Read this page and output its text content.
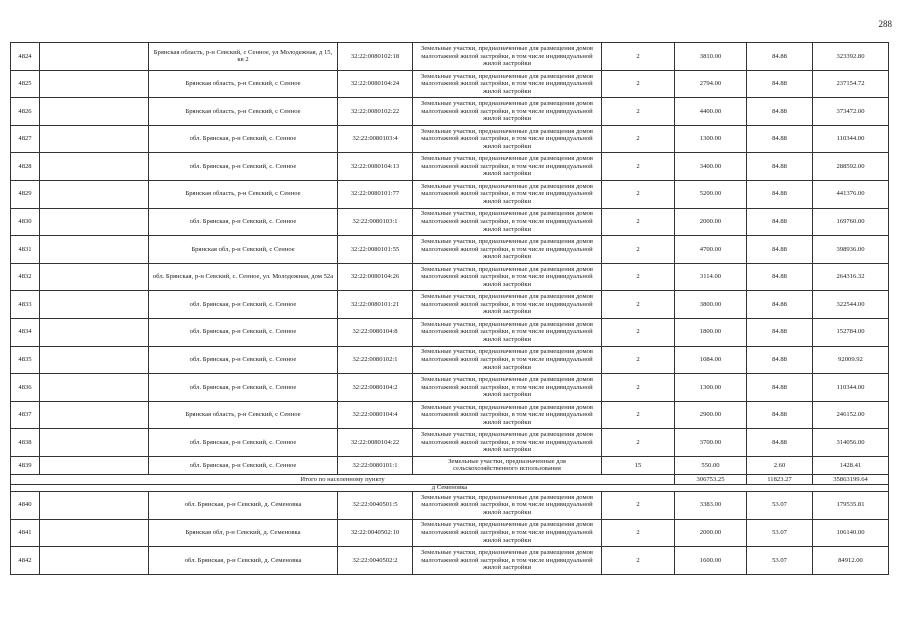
288
4824		Брянская область, р-н Севский, с Сенное, ул Молодежная, д 15, кв 2	32:22:0080102:18	Земельные участки, предназначенные для размещения домов малоэтажной жилой застройки, в том числе индивидуальной жилой застройки	2	3810.00	84.88	323392.80
4825		Брянская область, р-н Севский, с Сенное	32:22:0080104:24	Земельные участки, предназначенные для размещения домов малоэтажной жилой застройки, в том числе индивидуальной жилой застройки	2	2794.00	84.88	237154.72
4826		Брянская область, р-н Севский, с Сенное	32:22:0080102:22	Земельные участки, предназначенные для размещения домов малоэтажной жилой застройки, в том числе индивидуальной жилой застройки	2	4400.00	84.88	373472.00
4827		обл. Брянская, р-н Севский, с. Сенное	32:22:0080103:4	Земельные участки, предназначенные для размещения домов малоэтажной жилой застройки, в том числе индивидуальной жилой застройки	2	1300.00	84.88	110344.00
4828		обл. Брянская, р-н Севский, с. Сенное	32:22:0080104:13	Земельные участки, предназначенные для размещения домов малоэтажной жилой застройки, в том числе индивидуальной жилой застройки	2	3400.00	84.88	288592.00
4829		Брянская область, р-н Севский, с Сенное	32:22:0080101:77	Земельные участки, предназначенные для размещения домов малоэтажной жилой застройки, в том числе индивидуальной жилой застройки	2	5200.00	84.88	441376.00
4830		обл. Брянская, р-н Севский, с. Сенное	32:22:0080103:1	Земельные участки, предназначенные для размещения домов малоэтажной жилой застройки, в том числе индивидуальной жилой застройки	2	2000.00	84.88	169760.00
4831		Брянская обл, р-н Севский, с Сенное	32:22:0080101:55	Земельные участки, предназначенные для размещения домов малоэтажной жилой застройки, в том числе индивидуальной жилой застройки	2	4700.00	84.88	398936.00
4832		обл. Брянская, р-н Севский, с. Сенное, ул. Молодежная, дом 52а	32:22:0080104:26	Земельные участки, предназначенные для размещения домов малоэтажной жилой застройки, в том числе индивидуальной жилой застройки	2	3114.00	84.88	264316.32
4833		обл. Брянская, р-н Севский, с. Сенное	32:22:0080101:21	Земельные участки, предназначенные для размещения домов малоэтажной жилой застройки, в том числе индивидуальной жилой застройки	2	3800.00	84.88	322544.00
4834		обл. Брянская, р-н Севский, с. Сенное	32:22:0080104:8	Земельные участки, предназначенные для размещения домов малоэтажной жилой застройки, в том числе индивидуальной жилой застройки	2	1800.00	84.88	152784.00
4835		обл. Брянская, р-н Севский, с. Сенное	32:22:0080102:1	Земельные участки, предназначенные для размещения домов малоэтажной жилой застройки, в том числе индивидуальной жилой застройки	2	1084.00	84.88	92009.92
4836		обл. Брянская, р-н Севский, с. Сенное	32:22:0080104:2	Земельные участки, предназначенные для размещения домов малоэтажной жилой застройки, в том числе индивидуальной жилой застройки	2	1300.00	84.88	110344.00
4837		Брянская область, р-н Севский, с Сенное	32:22:0080104:4	Земельные участки, предназначенные для размещения домов малоэтажной жилой застройки, в том числе индивидуальной жилой застройки	2	2900.00	84.88	246152.00
4838		обл. Брянская, р-н Севский, с. Сенное	32:22:0080104:22	Земельные участки, предназначенные для размещения домов малоэтажной жилой застройки, в том числе индивидуальной жилой застройки	2	3700.00	84.88	314056.00
4839		обл. Брянская, р-н Севский, с. Сенное	32:22:0080101:1	Земельные участки, предназначенные для сельскохозяйственного использования	15	550.00	2.60	1428.41
Итого по населенному пункту						306753.25	11823.27	35863199.64
д Семеновка								
4840		обл. Брянская, р-н Севский, д. Семеновка	32:22:0040501:5	Земельные участки, предназначенные для размещения домов малоэтажной жилой застройки, в том числе индивидуальной жилой застройки	2	3383.00	53.07	179535.81
4841		Брянская обл, р-н Севский, д. Семеновка	32:22:0040502:10	Земельные участки, предназначенные для размещения домов малоэтажной жилой застройки, в том числе индивидуальной жилой застройки	2	2000.00	53.07	106140.00
4842		обл. Брянская, р-н Севский, д. Семеновка	32:22:0040502:2	Земельные участки, предназначенные для размещения домов малоэтажной жилой застройки, в том числе индивидуальной жилой застройки	2	1600.00	53.07	84912.00
